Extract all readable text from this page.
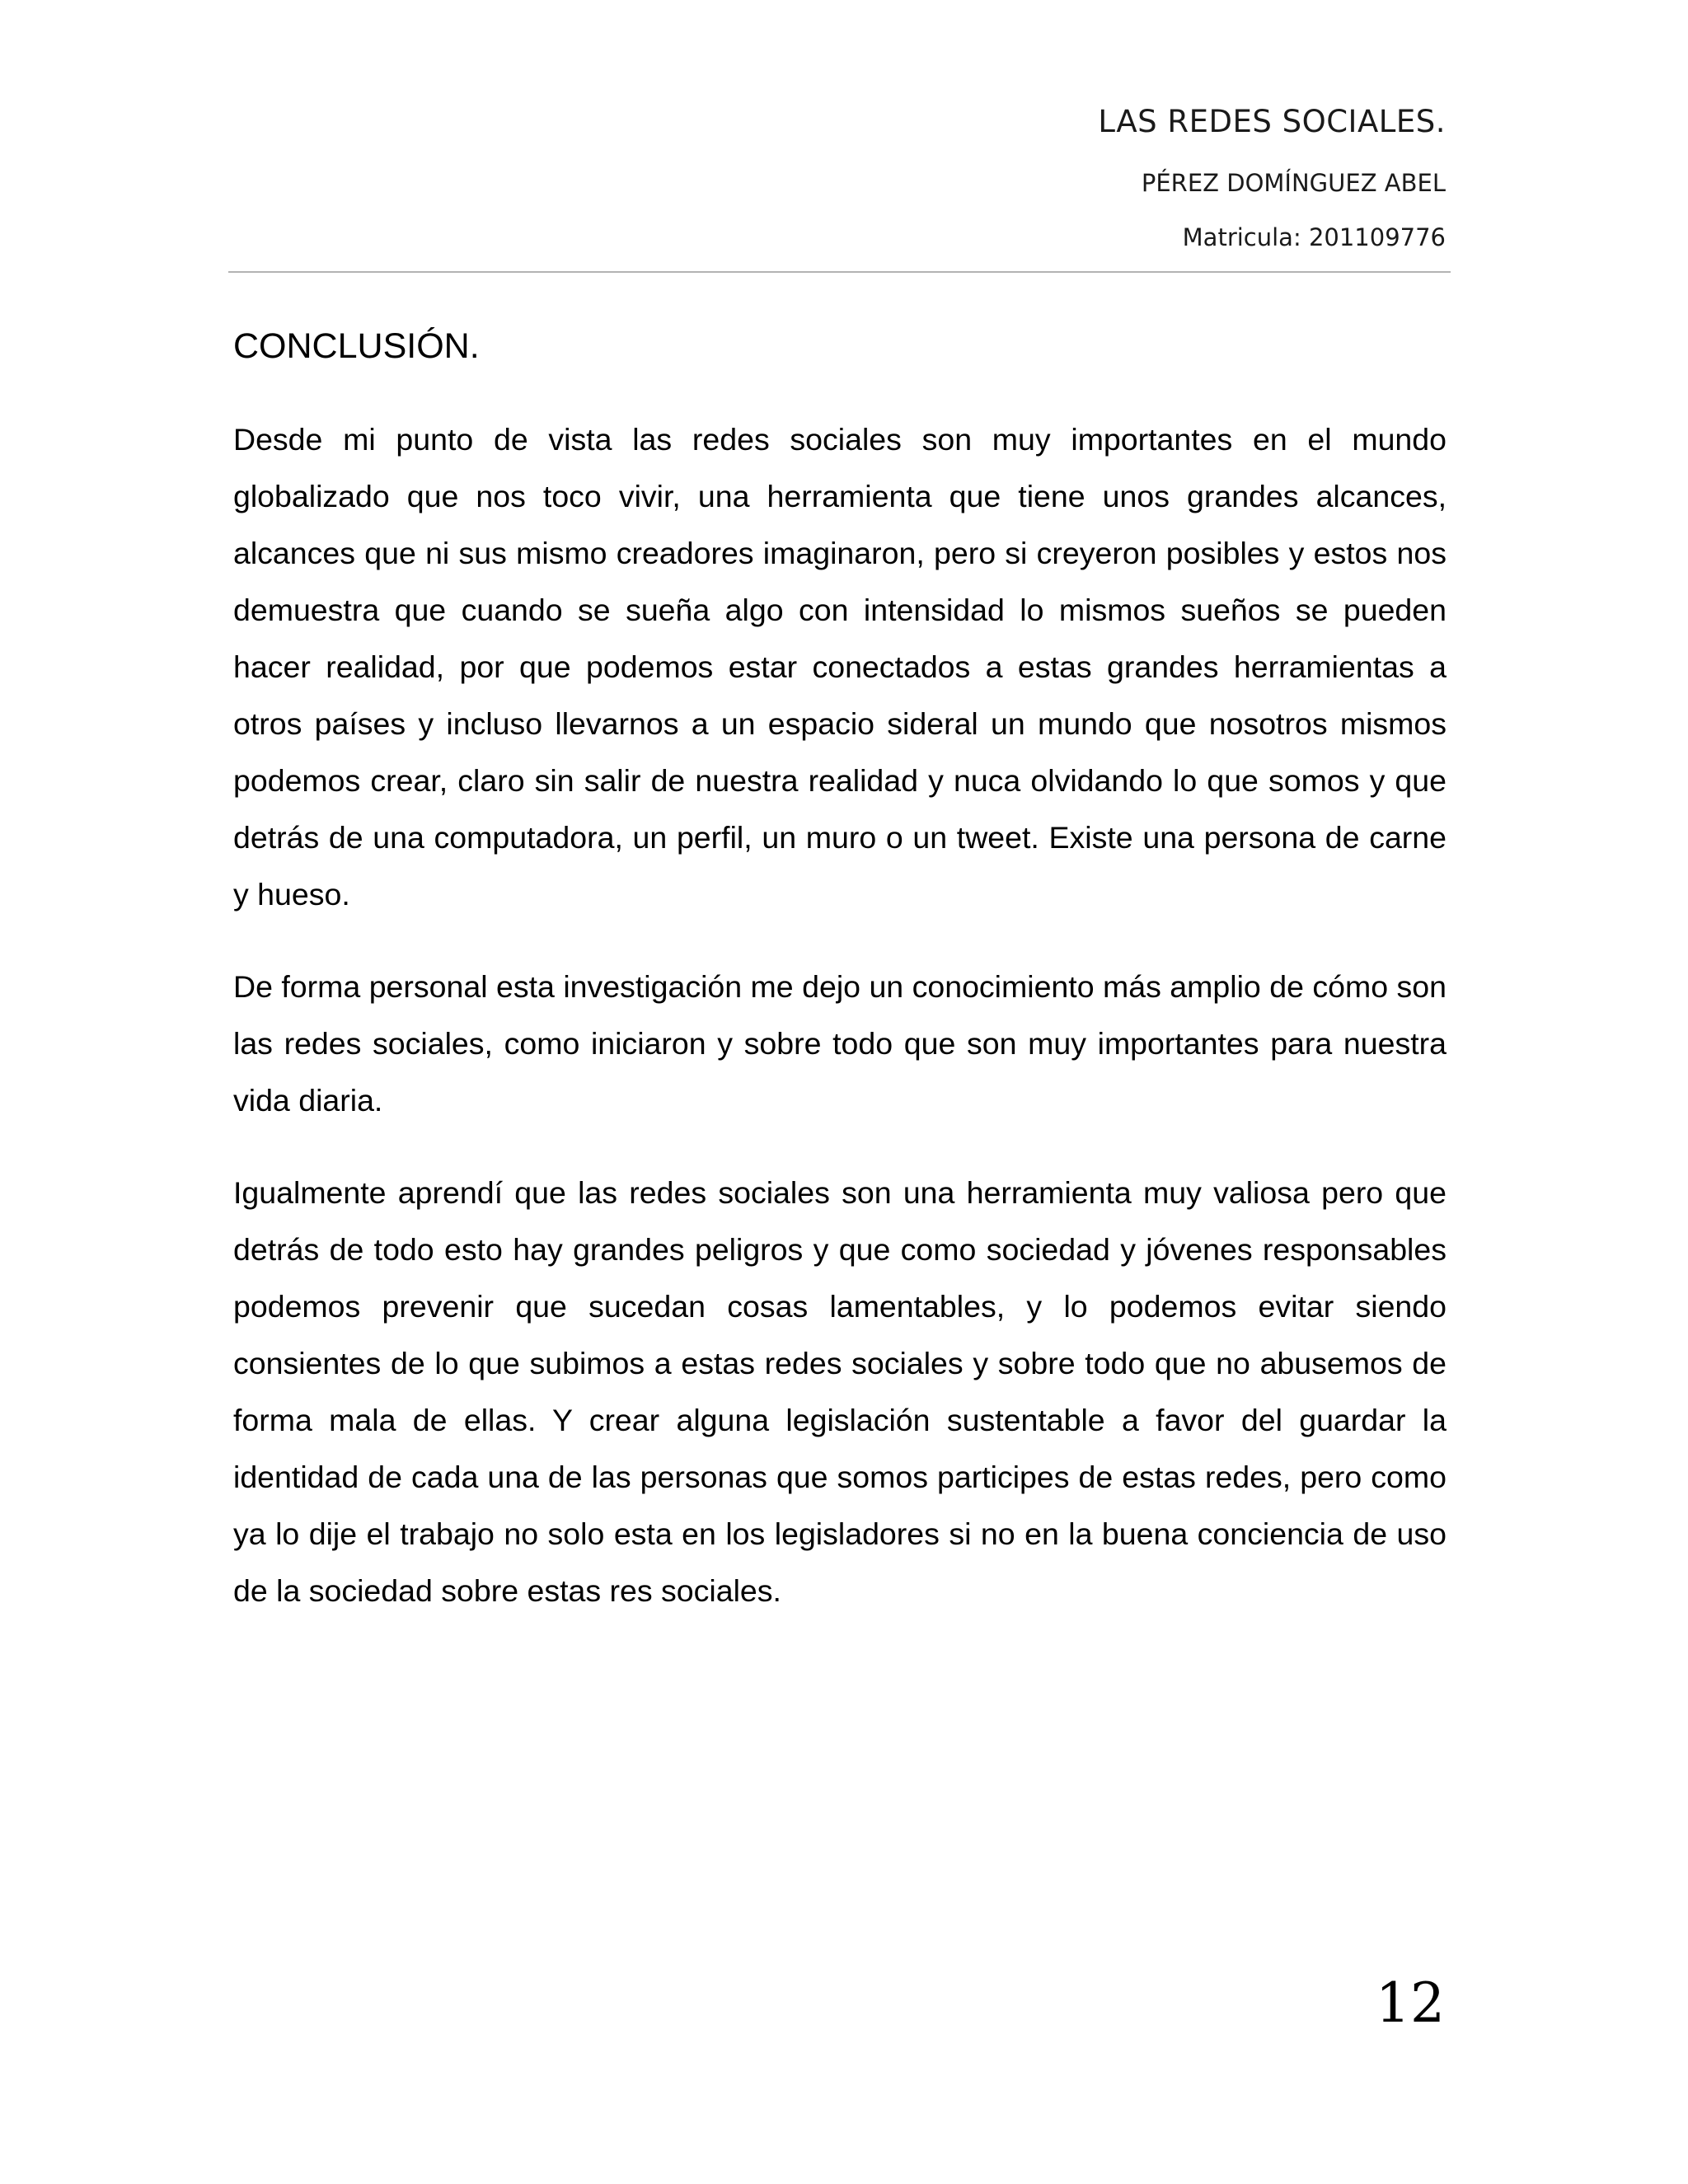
LAS REDES SOCIALES.
PÉREZ DOMÍNGUEZ ABEL
Matricula: 201109776
CONCLUSIÓN.

Desde mi punto de vista las redes sociales son muy importantes en el mundo globalizado que nos toco vivir, una herramienta que tiene unos grandes alcances, alcances que ni sus mismo creadores imaginaron, pero si creyeron posibles y estos nos demuestra que cuando se sueña algo con intensidad lo mismos sueños se pueden hacer realidad, por que podemos estar conectados a estas grandes herramientas a otros países y incluso llevarnos a un espacio sideral un mundo que nosotros mismos podemos crear, claro sin salir de nuestra realidad y nuca olvidando lo que somos y que detrás de una computadora, un perfil, un muro o un tweet. Existe una persona de carne y hueso.

De forma personal esta investigación me dejo un conocimiento más amplio de cómo son las redes sociales, como iniciaron y sobre todo que son muy importantes para nuestra vida diaria.

Igualmente aprendí que las redes sociales son una herramienta muy valiosa pero que detrás de todo esto hay grandes peligros y que como sociedad y jóvenes responsables podemos prevenir que sucedan cosas lamentables, y lo podemos evitar siendo consientes de lo que subimos a estas redes sociales y sobre todo que no abusemos de forma mala de ellas. Y crear alguna legislación sustentable a favor del guardar la identidad de cada una de las personas que somos participes de estas redes, pero como ya lo dije el trabajo no solo esta en los legisladores si no en la buena conciencia de uso de la sociedad sobre estas res sociales.

12
